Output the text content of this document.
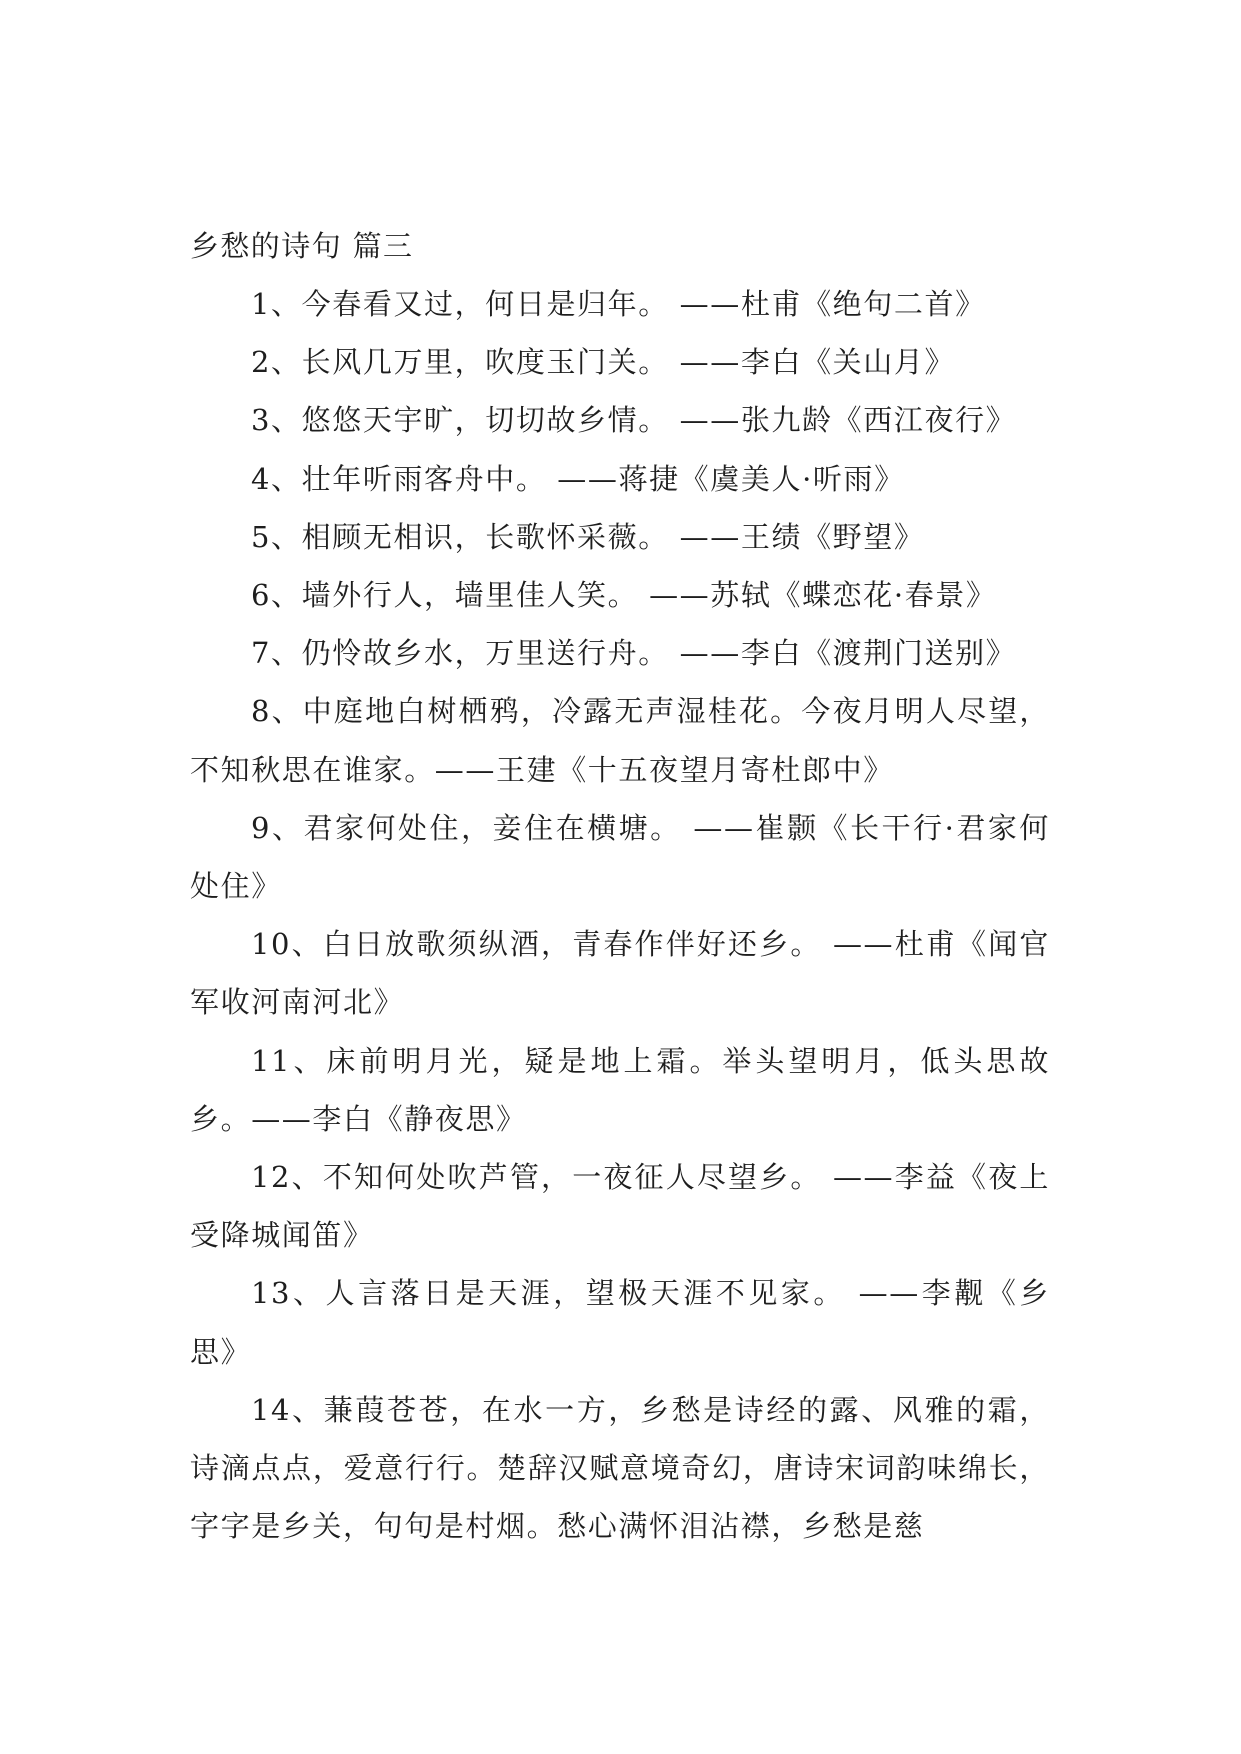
乡愁的诗句 篇三

1、今春看又过，何日是归年。 ——杜甫《绝句二首》

2、长风几万里，吹度玉门关。 ——李白《关山月》

3、悠悠天宇旷，切切故乡情。 ——张九龄《西江夜行》

4、壮年听雨客舟中。 ——蒋捷《虞美人·听雨》

5、相顾无相识，长歌怀采薇。 ——王绩《野望》

6、墙外行人，墙里佳人笑。 ——苏轼《蝶恋花·春景》

7、仍怜故乡水，万里送行舟。 ——李白《渡荆门送别》

8、中庭地白树栖鸦，冷露无声湿桂花。今夜月明人尽望，不知秋思在谁家。——王建《十五夜望月寄杜郎中》

9、君家何处住，妾住在横塘。 ——崔颢《长干行·君家何处住》

10、白日放歌须纵酒，青春作伴好还乡。 ——杜甫《闻官军收河南河北》

11、床前明月光，疑是地上霜。举头望明月，低头思故乡。——李白《静夜思》

12、不知何处吹芦管，一夜征人尽望乡。 ——李益《夜上受降城闻笛》

13、人言落日是天涯，望极天涯不见家。 ——李觏《乡思》

14、蒹葭苍苍，在水一方，乡愁是诗经的露、风雅的霜，诗滴点点，爱意行行。楚辞汉赋意境奇幻，唐诗宋词韵味绵长，字字是乡关，句句是村烟。愁心满怀泪沾襟，乡愁是慈
